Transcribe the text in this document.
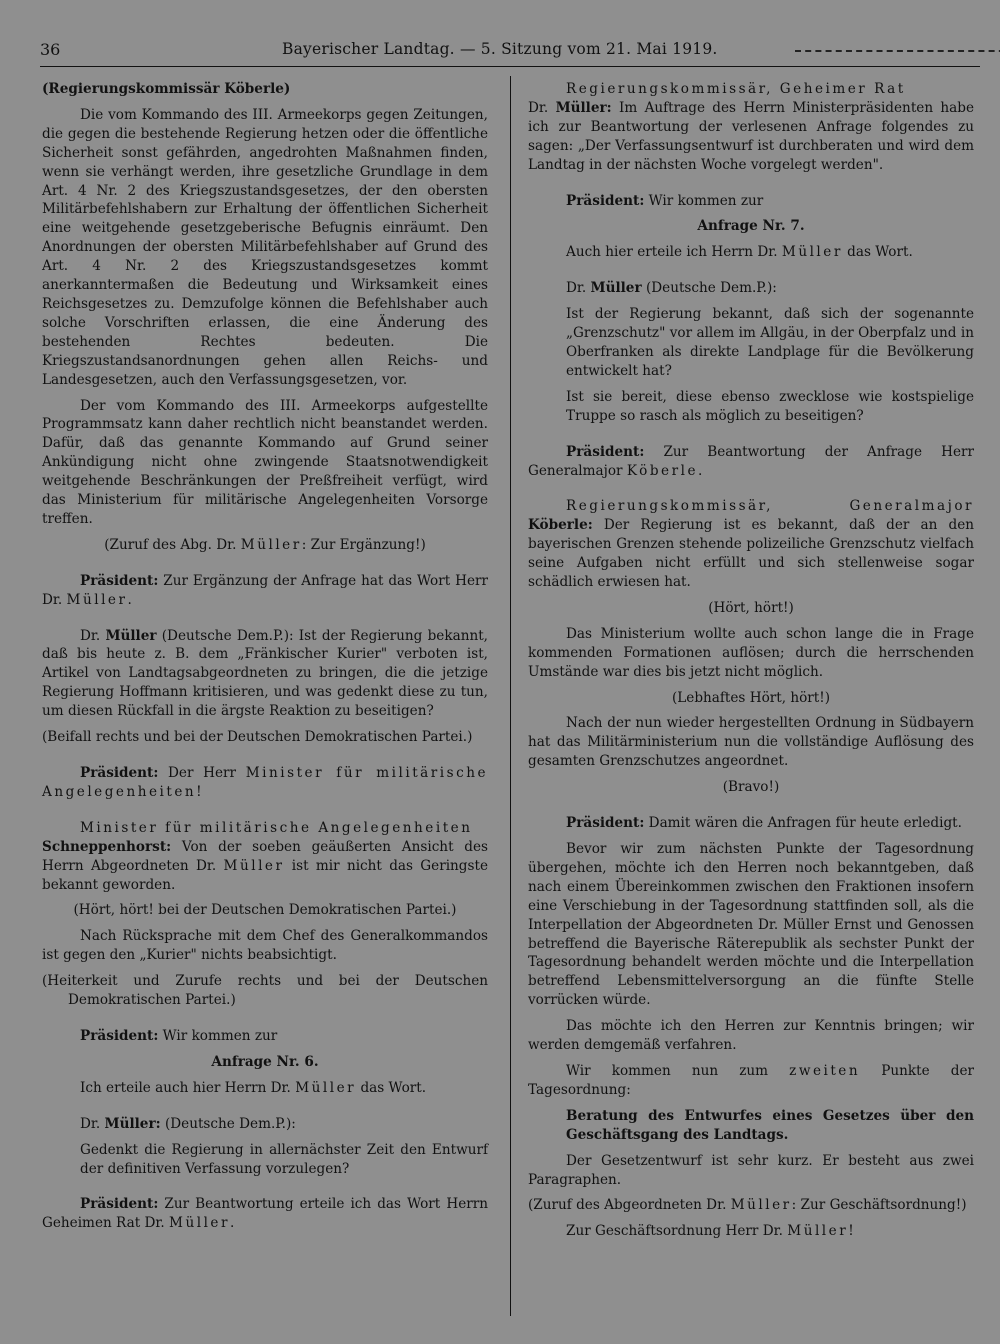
36	Bayerischer Landtag. — 5. Sitzung vom 21. Mai 1919.

(Regierungskommissär Köberle)

Die vom Kommando des III. Armeekorps gegen Zeitungen, die gegen die bestehende Regierung hetzen oder die öffentliche Sicherheit sonst gefährden, angedrohten Maßnahmen finden, wenn sie verhängt werden, ihre gesetzliche Grundlage in dem Art. 4 Nr. 2 des Kriegszustandsgesetzes, der den obersten Militärbefehlshabern zur Erhaltung der öffentlichen Sicherheit eine weitgehende gesetzgeberische Befugnis einräumt. Den Anordnungen der obersten Militärbefehlshaber auf Grund des Art. 4 Nr. 2 des Kriegszustandsgesetzes kommt anerkanntermaßen die Bedeutung und Wirksamkeit eines Reichsgesetzes zu. Demzufolge können die Befehlshaber auch solche Vorschriften erlassen, die eine Änderung des bestehenden Rechtes bedeuten. Die Kriegszustandsanordnungen gehen allen Reichs- und Landesgesetzen, auch den Verfassungsgesetzen, vor.

Der vom Kommando des III. Armeekorps aufgestellte Programmsatz kann daher rechtlich nicht beanstandet werden. Dafür, daß das genannte Kommando auf Grund seiner Ankündigung nicht ohne zwingende Staatsnotwendigkeit weitgehende Beschränkungen der Preßfreiheit verfügt, wird das Ministerium für militärische Angelegenheiten Vorsorge treffen.

(Zuruf des Abg. Dr. Müller: Zur Ergänzung!)

Präsident: Zur Ergänzung der Anfrage hat das Wort Herr Dr. Müller.

Dr. Müller (Deutsche Dem.P.): Ist der Regierung bekannt, daß bis heute z. B. dem „Fränkischer Kurier" verboten ist, Artikel von Landtagsabgeordneten zu bringen, die die jetzige Regierung Hoffmann kritisieren, und was gedenkt diese zu tun, um diesen Rückfall in die ärgste Reaktion zu beseitigen?

(Beifall rechts und bei der Deutschen Demokratischen Partei.)

Präsident: Der Herr Minister für militärische Angelegenheiten!

Minister für militärische Angelegenheiten
Schneppenhorst: Von der soeben geäußerten Ansicht des Herrn Abgeordneten Dr. Müller ist mir nicht das Geringste bekannt geworden.

(Hört, hört! bei der Deutschen Demokratischen Partei.)

Nach Rücksprache mit dem Chef des Generalkommandos ist gegen den „Kurier" nichts beabsichtigt.

(Heiterkeit und Zurufe rechts und bei der Deutschen Demokratischen Partei.)

Präsident: Wir kommen zur

Anfrage Nr. 6.

Ich erteile auch hier Herrn Dr. Müller das Wort.

Dr. Müller: (Deutsche Dem.P.):

Gedenkt die Regierung in allernächster Zeit den Entwurf der definitiven Verfassung vorzulegen?

Präsident: Zur Beantwortung erteile ich das Wort Herrn Geheimen Rat Dr. Müller.

Regierungskommissär, Geheimer Rat
Dr. Müller: Im Auftrage des Herrn Ministerpräsidenten habe ich zur Beantwortung der verlesenen Anfrage folgendes zu sagen: „Der Verfassungsentwurf ist durchberaten und wird dem Landtag in der nächsten Woche vorgelegt werden".

Präsident: Wir kommen zur

Anfrage Nr. 7.

Auch hier erteile ich Herrn Dr. Müller das Wort.

Dr. Müller (Deutsche Dem.P.):

Ist der Regierung bekannt, daß sich der sogenannte „Grenzschutz" vor allem im Allgäu, in der Oberpfalz und in Oberfranken als direkte Landplage für die Bevölkerung entwickelt hat?

Ist sie bereit, diese ebenso zwecklose wie kostspielige Truppe so rasch als möglich zu beseitigen?

Präsident: Zur Beantwortung der Anfrage Herr Generalmajor Köberle.

Regierungskommissär, Generalmajor Köberle: Der Regierung ist es bekannt, daß der an den bayerischen Grenzen stehende polizeiliche Grenzschutz vielfach seine Aufgaben nicht erfüllt und sich stellenweise sogar schädlich erwiesen hat.

(Hört, hört!)

Das Ministerium wollte auch schon lange die in Frage kommenden Formationen auflösen; durch die herrschenden Umstände war dies bis jetzt nicht möglich.

(Lebhaftes Hört, hört!)

Nach der nun wieder hergestellten Ordnung in Südbayern hat das Militärministerium nun die vollständige Auflösung des gesamten Grenzschutzes angeordnet.

(Bravo!)

Präsident: Damit wären die Anfragen für heute erledigt.

Bevor wir zum nächsten Punkte der Tagesordnung übergehen, möchte ich den Herren noch bekanntgeben, daß nach einem Übereinkommen zwischen den Fraktionen insofern eine Verschiebung in der Tagesordnung stattfinden soll, als die Interpellation der Abgeordneten Dr. Müller Ernst und Genossen betreffend die Bayerische Räterepublik als sechster Punkt der Tagesordnung behandelt werden möchte und die Interpellation betreffend Lebensmittelversorgung an die fünfte Stelle vorrücken würde.

Das möchte ich den Herren zur Kenntnis bringen; wir werden demgemäß verfahren.

Wir kommen nun zum zweiten Punkte der Tagesordnung:

Beratung des Entwurfes eines Gesetzes über den Geschäftsgang des Landtags.

Der Gesetzentwurf ist sehr kurz. Er besteht aus zwei Paragraphen.

(Zuruf des Abgeordneten Dr. Müller: Zur Geschäftsordnung!)

Zur Geschäftsordnung Herr Dr. Müller!
